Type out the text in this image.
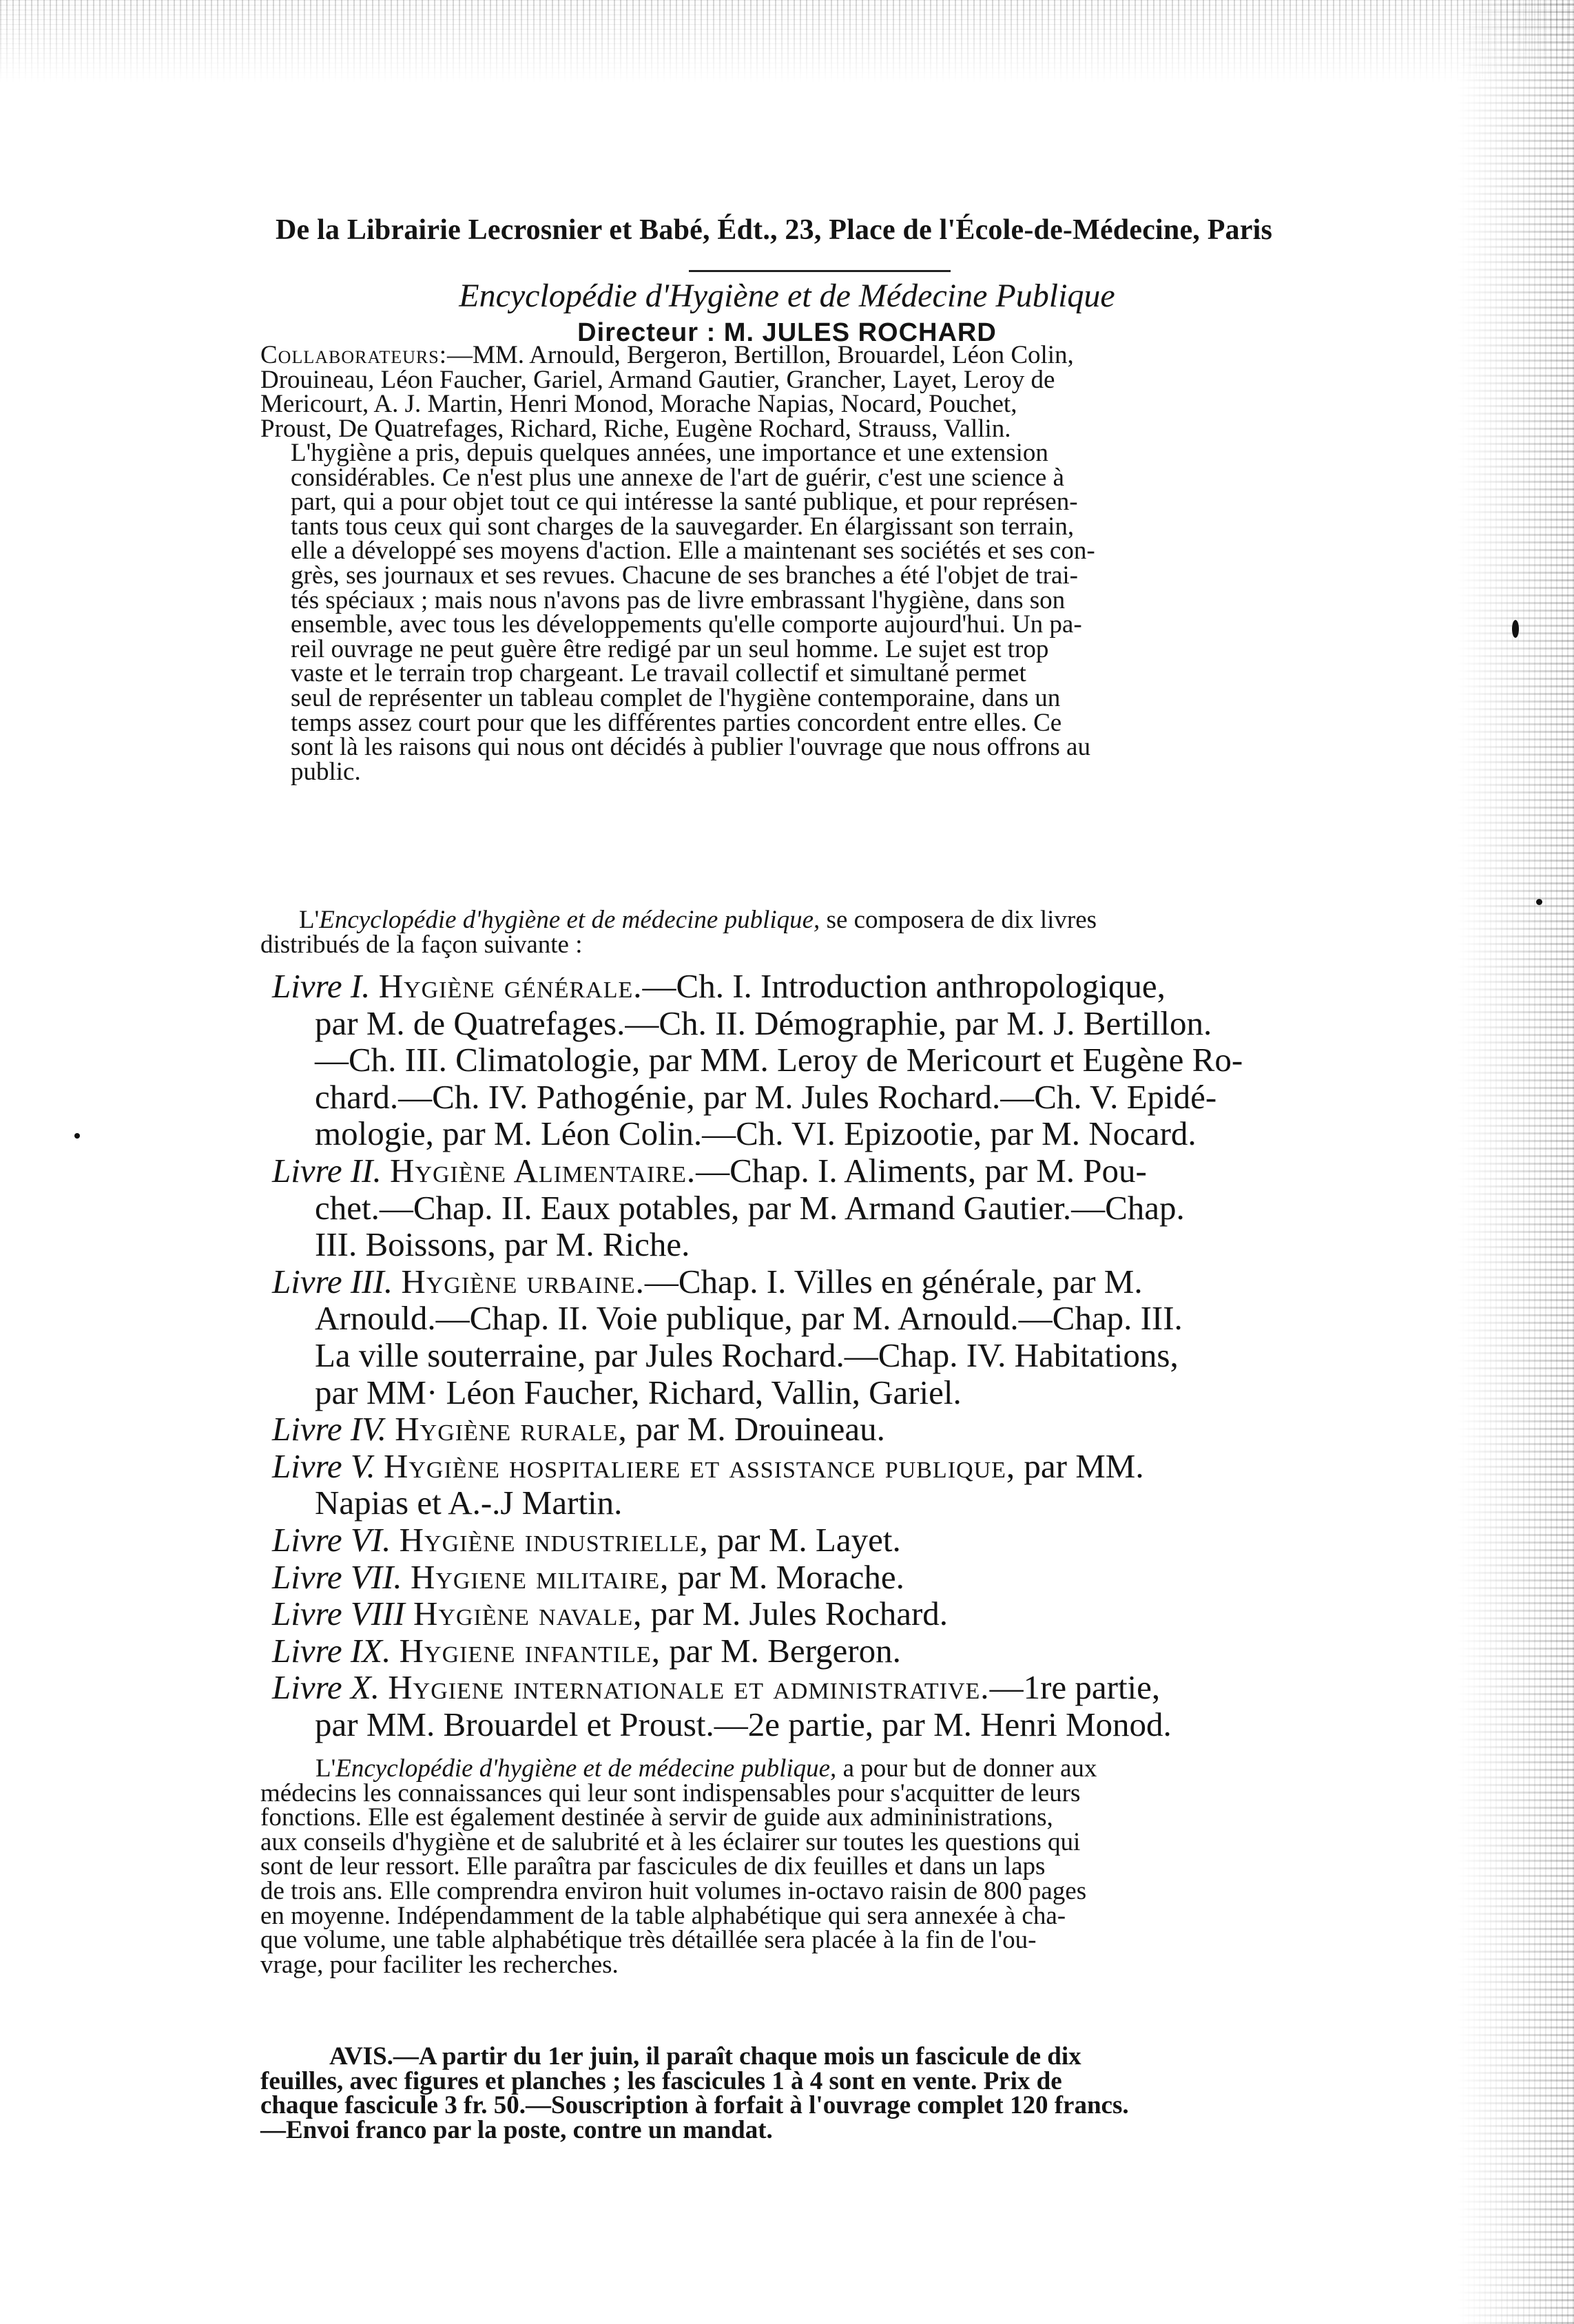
De la Librairie Lecrosnier et Babé, Édt., 23, Place de l'École-de-Médecine, Paris
Encyclopédie d'Hygiène et de Médecine Publique
Directeur : M. JULES ROCHARD
Collaborateurs:—MM. Arnould, Bergeron, Bertillon, Brouardel, Léon Colin,
Drouineau, Léon Faucher, Gariel, Armand Gautier, Grancher, Layet, Leroy de
Mericourt, A. J. Martin, Henri Monod, Morache Napias, Nocard, Pouchet,
Proust, De Quatrefages, Richard, Riche, Eugène Rochard, Strauss, Vallin.
L'hygiène a pris, depuis quelques années, une importance et une extension
considérables. Ce n'est plus une annexe de l'art de guérir, c'est une science à
part, qui a pour objet tout ce qui intéresse la santé publique, et pour représen-
tants tous ceux qui sont charges de la sauvegarder. En élargissant son terrain,
elle a développé ses moyens d'action. Elle a maintenant ses sociétés et ses con-
grès, ses journaux et ses revues. Chacune de ses branches a été l'objet de trai-
tés spéciaux ; mais nous n'avons pas de livre embrassant l'hygiène, dans son
ensemble, avec tous les développements qu'elle comporte aujourd'hui. Un pa-
reil ouvrage ne peut guère être redigé par un seul homme. Le sujet est trop
vaste et le terrain trop chargeant. Le travail collectif et simultané permet
seul de représenter un tableau complet de l'hygiène contemporaine, dans un
temps assez court pour que les différentes parties concordent entre elles. Ce
sont là les raisons qui nous ont décidés à publier l'ouvrage que nous offrons au
public.
L'Encyclopédie d'hygiène et de médecine publique, se composera de dix livres
distribués de la façon suivante :
Livre I. Hygiène générale.—Ch. I. Introduction anthropologique,
par M. de Quatrefages.—Ch. II. Démographie, par M. J. Bertillon.
—Ch. III. Climatologie, par MM. Leroy de Mericourt et Eugène Ro-
chard.—Ch. IV. Pathogénie, par M. Jules Rochard.—Ch. V. Epidé-
mologie, par M. Léon Colin.—Ch. VI. Epizootie, par M. Nocard.
Livre II. Hygiène Alimentaire.—Chap. I. Aliments, par M. Pou-
chet.—Chap. II. Eaux potables, par M. Armand Gautier.—Chap.
III. Boissons, par M. Riche.
Livre III. Hygiène urbaine.—Chap. I. Villes en générale, par M.
Arnould.—Chap. II. Voie publique, par M. Arnould.—Chap. III.
La ville souterraine, par Jules Rochard.—Chap. IV. Habitations,
par MM· Léon Faucher, Richard, Vallin, Gariel.
Livre IV. Hygiène rurale, par M. Drouineau.
Livre V. Hygiène hospitaliere et assistance publique, par MM.
Napias et A.-.J Martin.
Livre VI. Hygiène industrielle, par M. Layet.
Livre VII. Hygiene militaire, par M. Morache.
Livre VIII Hygiène navale, par M. Jules Rochard.
Livre IX. Hygiene infantile, par M. Bergeron.
Livre X. Hygiene internationale et administrative.—1re partie,
par MM. Brouardel et Proust.—2e partie, par M. Henri Monod.
L'Encyclopédie d'hygiène et de médecine publique, a pour but de donner aux
médecins les connaissances qui leur sont indispensables pour s'acquitter de leurs
fonctions. Elle est également destinée à servir de guide aux admininistrations,
aux conseils d'hygiène et de salubrité et à les éclairer sur toutes les questions qui
sont de leur ressort. Elle paraîtra par fascicules de dix feuilles et dans un laps
de trois ans. Elle comprendra environ huit volumes in-octavo raisin de 800 pages
en moyenne. Indépendamment de la table alphabétique qui sera annexée à cha-
que volume, une table alphabétique très détaillée sera placée à la fin de l'ou-
vrage, pour faciliter les recherches.
AVIS.—A partir du 1er juin, il paraît chaque mois un fascicule de dix
feuilles, avec figures et planches ; les fascicules 1 à 4 sont en vente. Prix de
chaque fascicule 3 fr. 50.—Souscription à forfait à l'ouvrage complet 120 francs.
—Envoi franco par la poste, contre un mandat.
